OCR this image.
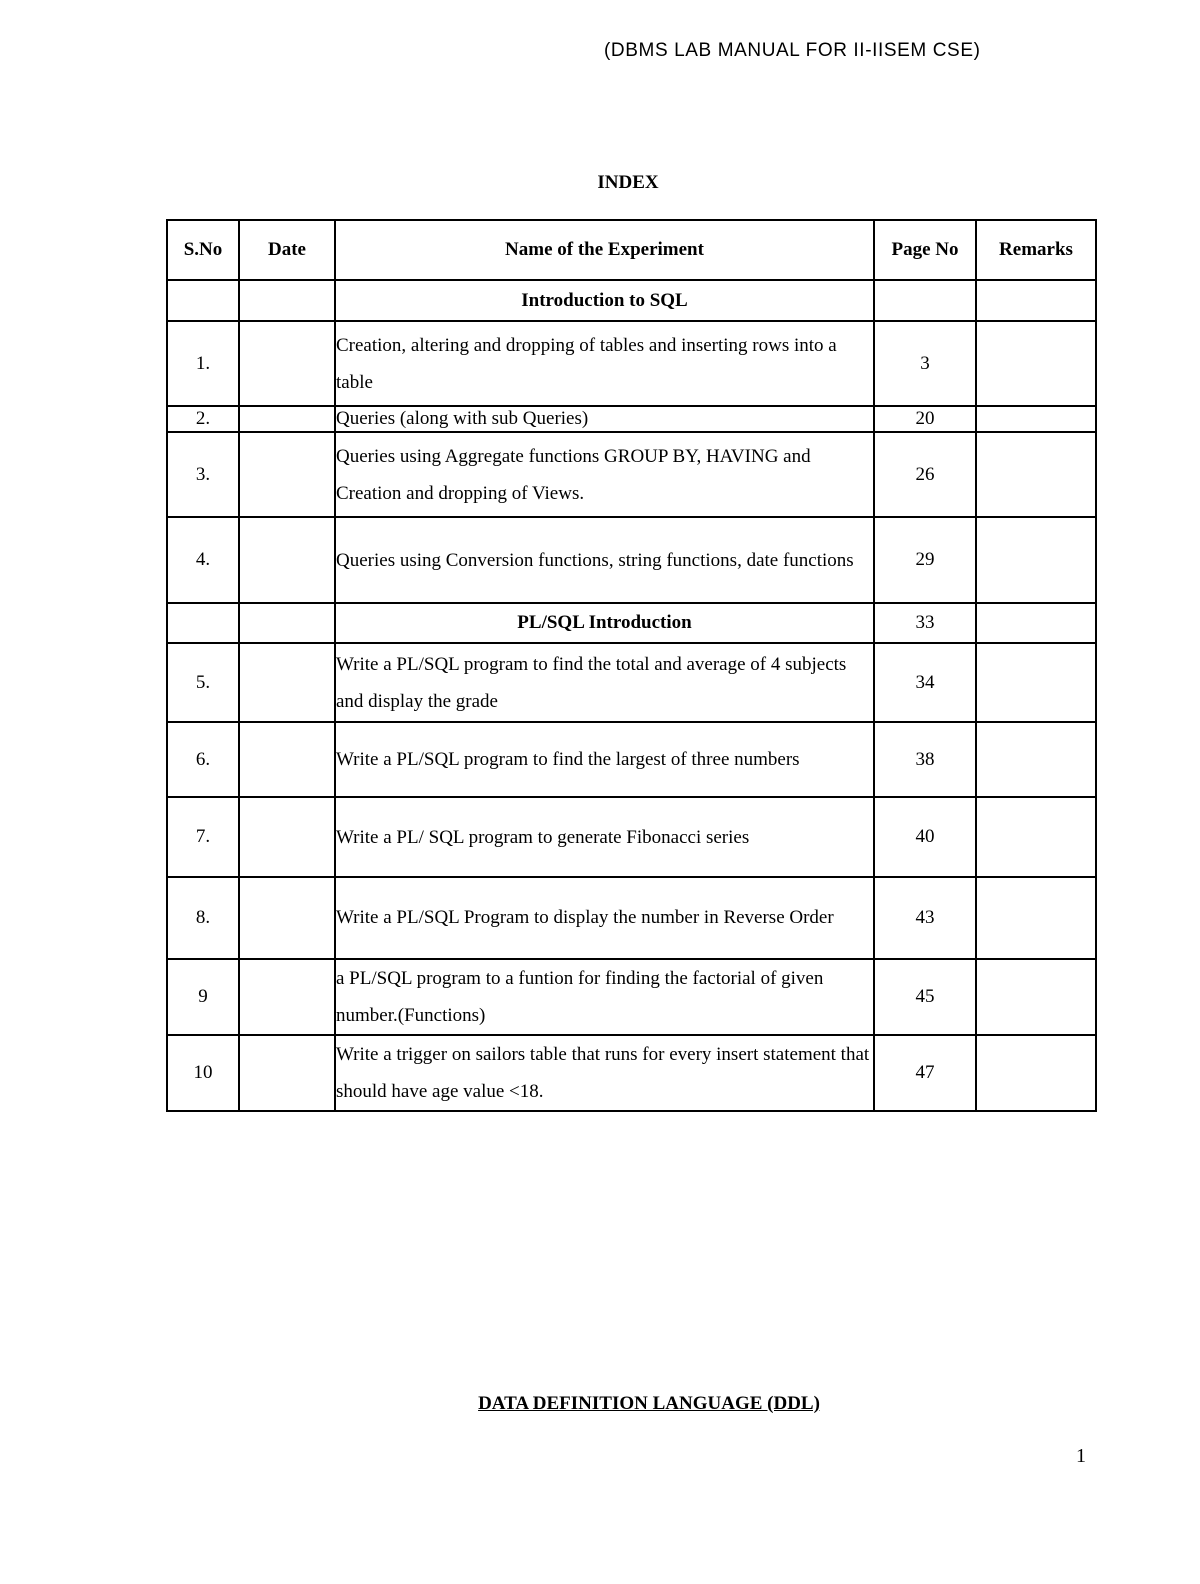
(DBMS LAB MANUAL FOR II-IISEM CSE)
INDEX
S.No	Date	Name of the Experiment	Page No	Remarks
		Introduction to SQL		
1.		Creation, altering and dropping of tables and inserting rows into a table	3	
2.		Queries (along with sub Queries)	20	
3.		Queries using Aggregate functions GROUP BY, HAVING and Creation and dropping of Views.	26	
4.		Queries using Conversion functions, string functions, date functions	29	
		PL/SQL Introduction	33	
5.		Write a PL/SQL program to find the total and average of 4 subjects and display the grade	34	
6.		Write a PL/SQL program to find the largest of three numbers	38	
7.		Write a PL/ SQL program to generate Fibonacci series	40	
8.		Write a PL/SQL Program to display the number in Reverse Order	43	
9		a PL/SQL program to a funtion for finding the factorial of given number.(Functions)	45	
10		Write a trigger on sailors table that runs for every insert statement that should have age value <18.	47	
DATA DEFINITION LANGUAGE (DDL)
1
